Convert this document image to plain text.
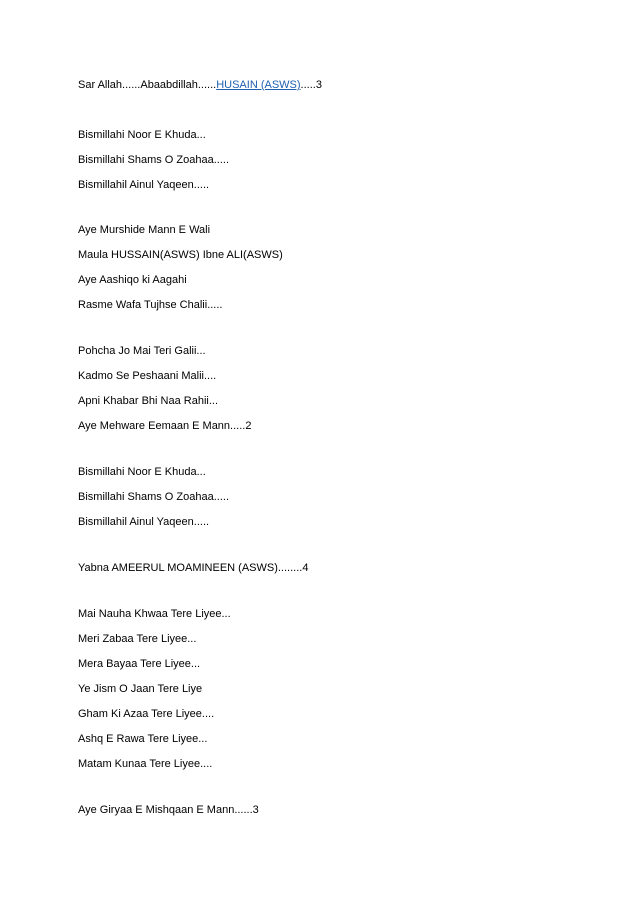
Sar Allah......Abaabdillah......HUSAIN (ASWS).....3
Bismillahi Noor E Khuda...
Bismillahi Shams O Zoahaa.....
Bismillahil Ainul Yaqeen.....
Aye Murshide Mann E Wali
Maula HUSSAIN(ASWS) Ibne ALI(ASWS)
Aye Aashiqo ki Aagahi
Rasme Wafa Tujhse Chalii.....
Pohcha Jo Mai Teri Galii...
Kadmo Se Peshaani Malii....
Apni Khabar Bhi Naa Rahii...
Aye Mehware Eemaan E Mann.....2
Bismillahi Noor E Khuda...
Bismillahi Shams O Zoahaa.....
Bismillahil Ainul Yaqeen.....
Yabna AMEERUL MOAMINEEN (ASWS)........4
Mai Nauha Khwaa Tere Liyee...
Meri Zabaa Tere Liyee...
Mera Bayaa Tere Liyee...
Ye Jism O Jaan Tere Liye
Gham Ki Azaa Tere Liyee....
Ashq E Rawa Tere Liyee...
Matam Kunaa Tere Liyee....
Aye Giryaa E Mishqaan E Mann......3
